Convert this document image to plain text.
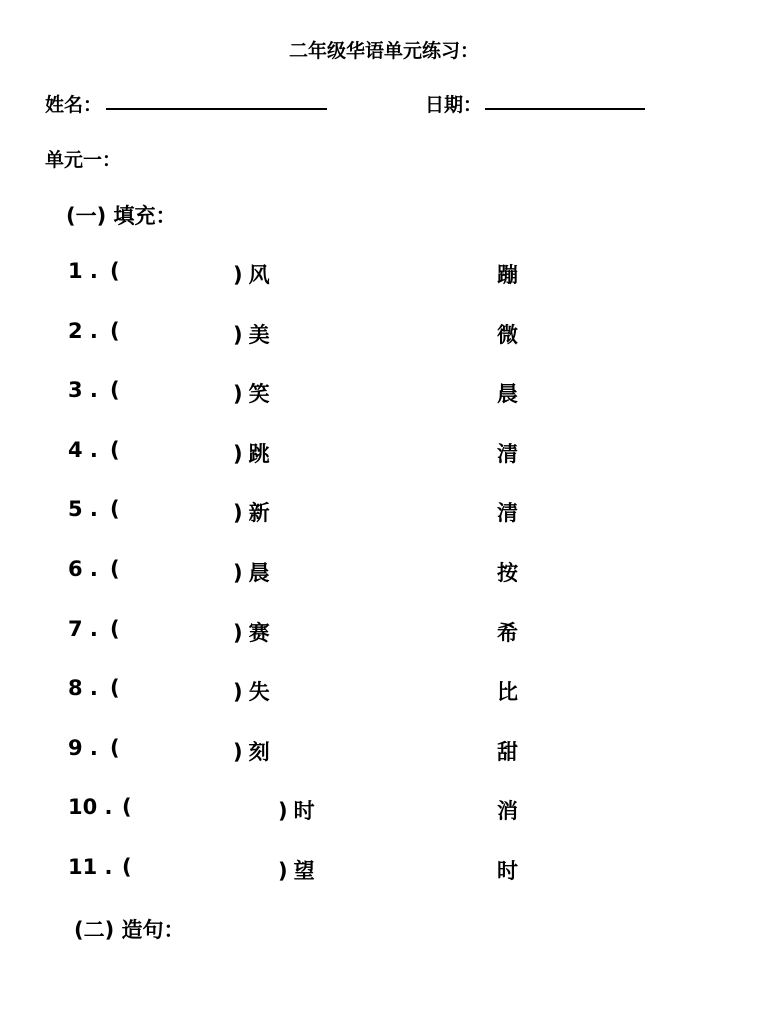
二年级华语单元练习：
姓名：	日期：
单元一：
(一) 填充：
1 . (	) 风	蹦
2 . (	) 美	微
3 . (	) 笑	晨
4 . (	) 跳	清
5 . (	) 新	清
6 . (	) 晨	按
7 . (	) 赛	希
8 . (	) 失	比
9 . (	) 刻	甜
10 . (	) 时	消
11 . (	) 望	时
(二) 造句：
